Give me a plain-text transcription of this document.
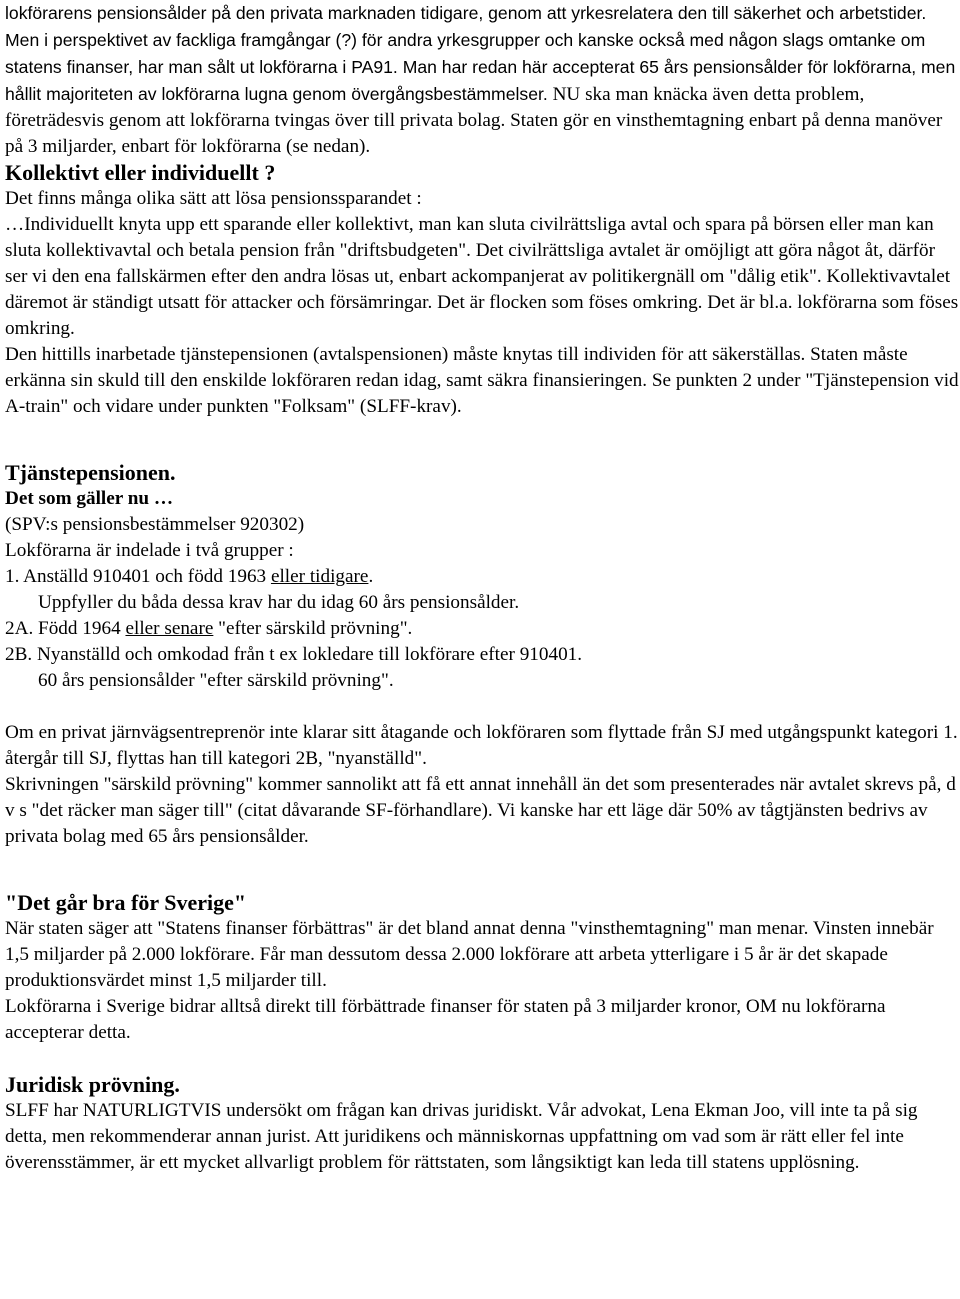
lokförarens pensionsålder på den privata marknaden tidigare, genom att yrkesrelatera den till säkerhet och arbetstider. Men i perspektivet av fackliga framgångar (?) för andra yrkesgrupper och kanske också med någon slags omtanke om statens finanser, har man sålt ut lokförarna i PA91. Man har redan här accepterat 65 års pensionsålder för lokförarna, men hållit majoriteten av lokförarna lugna genom övergångsbestämmelser. NU ska man knäcka även detta problem, företrädesvis genom att lokförarna tvingas över till privata bolag. Staten gör en vinsthemtagning enbart på denna manöver på 3 miljarder, enbart för lokförarna (se nedan).

Kollektivt eller individuellt ?

Det finns många olika sätt att lösa pensionssparandet :

…Individuellt knyta upp ett sparande eller kollektivt, man kan sluta civilrättsliga avtal och spara på börsen eller man kan sluta kollektivavtal och betala pension från "driftsbudgeten". Det civilrättsliga avtalet är omöjligt att göra något åt, därför ser vi den ena fallskärmen efter den andra lösas ut, enbart ackompanjerat av politikergnäll om "dålig etik". Kollektivavtalet däremot är ständigt utsatt för attacker och försämringar. Det är flocken som föses omkring. Det är bl.a. lokförarna som föses omkring.

Den hittills inarbetade tjänstepensionen (avtalspensionen) måste knytas till individen för att säkerställas. Staten måste erkänna sin skuld till den enskilde lokföraren redan idag, samt säkra finansieringen. Se punkten 2 under "Tjänstepension vid A-train" och vidare under punkten "Folksam" (SLFF-krav).

Tjänstepensionen.

Det som gäller nu …

(SPV:s pensionsbestämmelser 920302)

Lokförarna är indelade i två grupper :

1. Anställd 910401 och född 1963 eller tidigare.

Uppfyller du båda dessa krav har du idag 60 års pensionsålder.

2A. Född 1964 eller senare "efter särskild prövning".

2B. Nyanställd och omkodad från t ex lokledare till lokförare efter 910401.

60 års pensionsålder "efter särskild prövning".

Om en privat järnvägsentreprenör inte klarar sitt åtagande och lokföraren som flyttade från SJ med utgångspunkt kategori 1. återgår till SJ, flyttas han till kategori 2B, "nyanställd".

Skrivningen "särskild prövning" kommer sannolikt att få ett annat innehåll än det som presenterades när avtalet skrevs på, d v s "det räcker man säger till" (citat dåvarande SF-förhandlare). Vi kanske har ett läge där 50% av tågtjänsten bedrivs av privata bolag med 65 års pensionsålder.

"Det går bra för Sverige"

När staten säger att "Statens finanser förbättras" är det bland annat denna "vinsthemtagning" man menar. Vinsten innebär 1,5 miljarder på 2.000 lokförare. Får man dessutom dessa 2.000 lokförare att arbeta ytterligare i 5 år är det skapade produktionsvärdet minst 1,5 miljarder till.

Lokförarna i Sverige bidrar alltså direkt till förbättrade finanser för staten på 3 miljarder kronor, OM nu lokförarna accepterar detta.

Juridisk prövning.

SLFF har NATURLIGTVIS undersökt om frågan kan drivas juridiskt. Vår advokat, Lena Ekman Joo, vill inte ta på sig detta, men rekommenderar annan jurist. Att juridikens och människornas uppfattning om vad som är rätt eller fel inte överensstämmer, är ett mycket allvarligt problem för rättstaten, som långsiktigt kan leda till statens upplösning.
